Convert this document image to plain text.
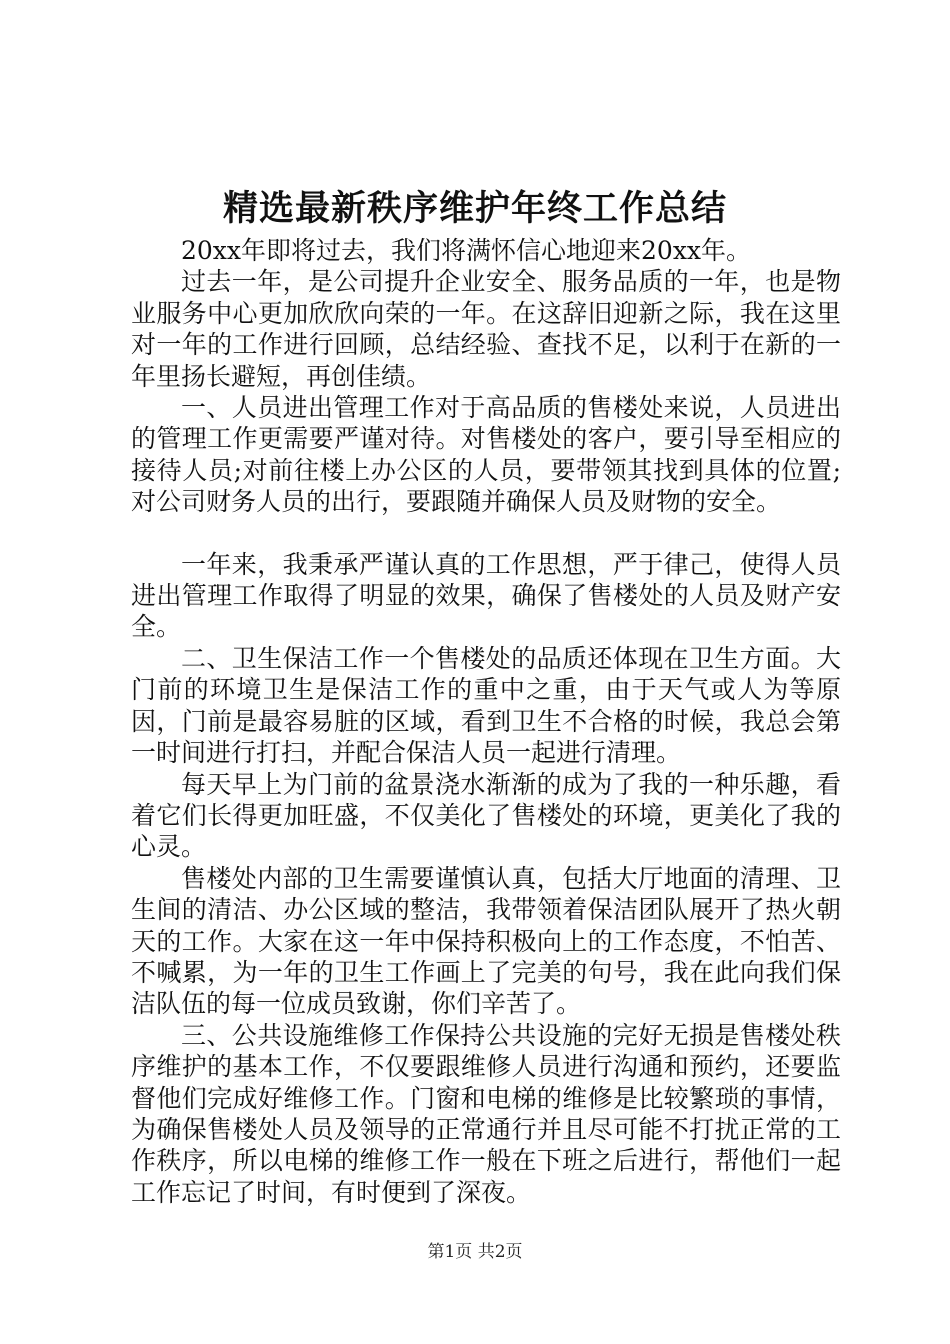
精选最新秩序维护年终工作总结

20xx年即将过去，我们将满怀信心地迎来20xx年。

过去一年，是公司提升企业安全、服务品质的一年，也是物业服务中心更加欣欣向荣的一年。在这辞旧迎新之际，我在这里对一年的工作进行回顾，总结经验、查找不足，以利于在新的一年里扬长避短，再创佳绩。

一、人员进出管理工作对于高品质的售楼处来说，人员进出的管理工作更需要严谨对待。对售楼处的客户，要引导至相应的接待人员;对前往楼上办公区的人员，要带领其找到具体的位置;对公司财务人员的出行，要跟随并确保人员及财物的安全。

一年来，我秉承严谨认真的工作思想，严于律己，使得人员进出管理工作取得了明显的效果，确保了售楼处的人员及财产安全。

二、卫生保洁工作一个售楼处的品质还体现在卫生方面。大门前的环境卫生是保洁工作的重中之重，由于天气或人为等原因，门前是最容易脏的区域，看到卫生不合格的时候，我总会第一时间进行打扫，并配合保洁人员一起进行清理。

每天早上为门前的盆景浇水渐渐的成为了我的一种乐趣，看着它们长得更加旺盛，不仅美化了售楼处的环境，更美化了我的心灵。

售楼处内部的卫生需要谨慎认真，包括大厅地面的清理、卫生间的清洁、办公区域的整洁，我带领着保洁团队展开了热火朝天的工作。大家在这一年中保持积极向上的工作态度，不怕苦、不喊累，为一年的卫生工作画上了完美的句号，我在此向我们保洁队伍的每一位成员致谢，你们辛苦了。

三、公共设施维修工作保持公共设施的完好无损是售楼处秩序维护的基本工作，不仅要跟维修人员进行沟通和预约，还要监督他们完成好维修工作。门窗和电梯的维修是比较繁琐的事情，为确保售楼处人员及领导的正常通行并且尽可能不打扰正常的工作秩序，所以电梯的维修工作一般在下班之后进行，帮他们一起工作忘记了时间，有时便到了深夜。

第1页 共2页
